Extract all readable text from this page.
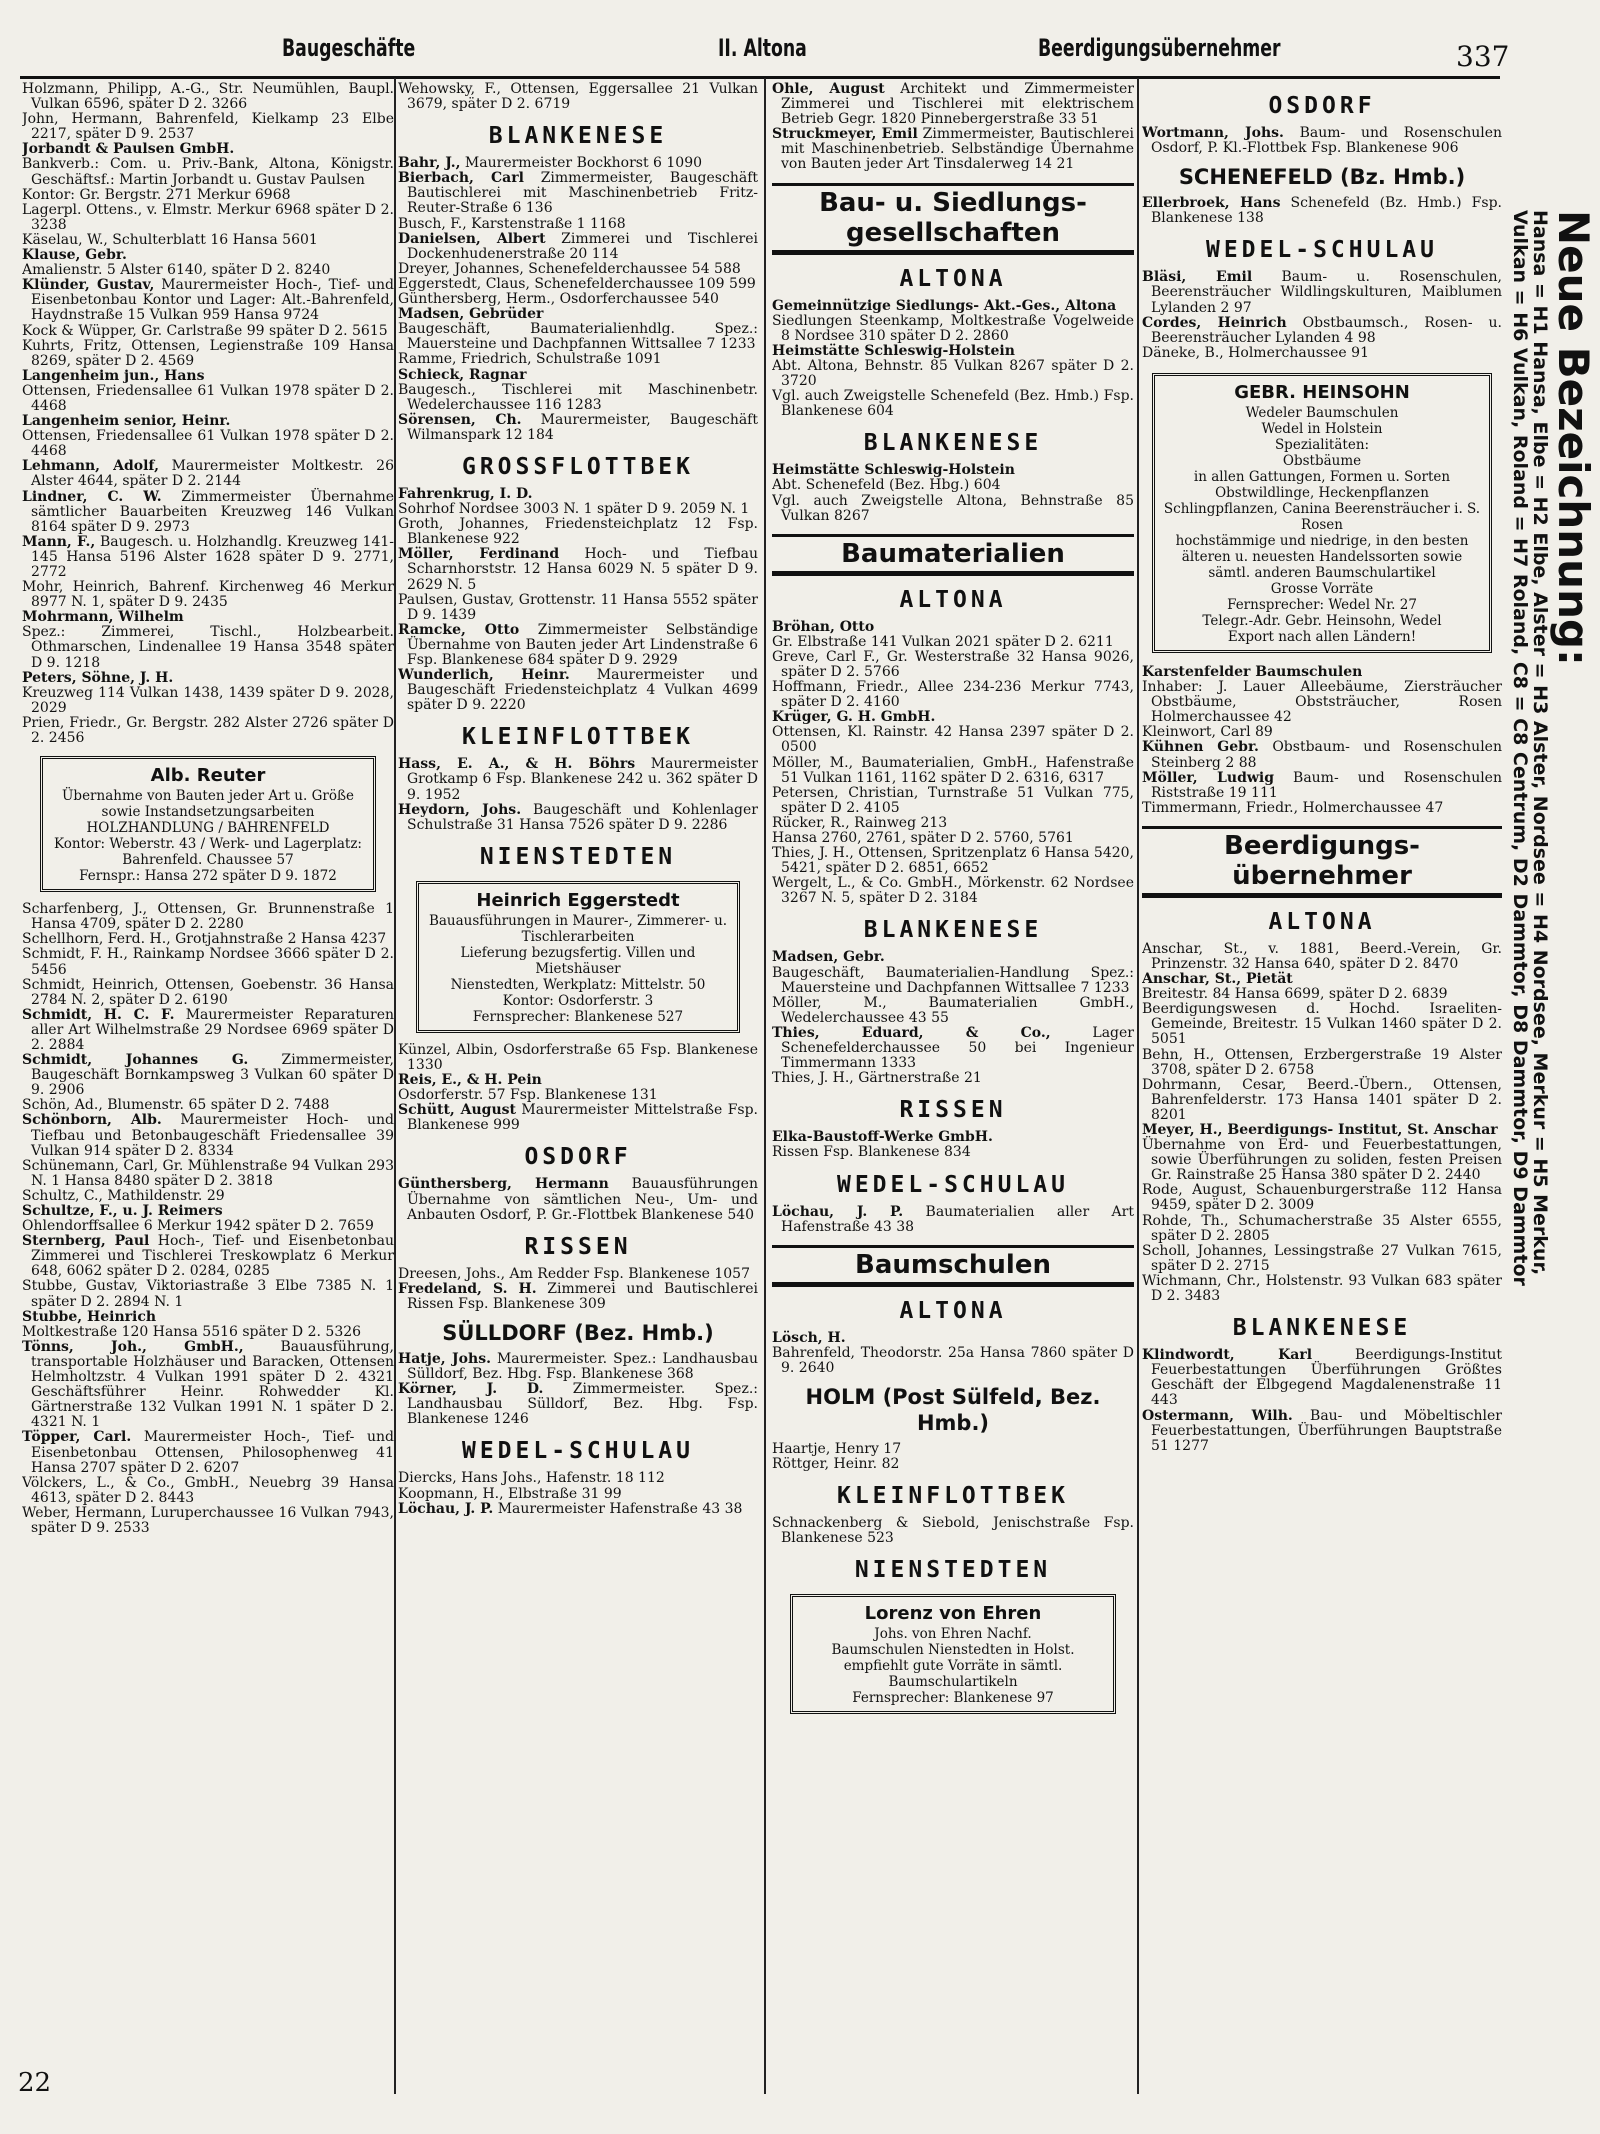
Baugeschäfte	II. Altona	Beerdigungsübernehmer	337

Holzmann, Philipp, A.-G., Str. Neumühlen, Baupl. Vulkan 6596, später D 2. 3266

John, Hermann, Bahrenfeld, Kielkamp 23 Elbe 2217, später D 9. 2537

Jorbandt & Paulsen GmbH.

Bankverb.: Com. u. Priv.-Bank, Altona, Königstr. Geschäftsf.: Martin Jorbandt u. Gustav Paulsen

Kontor: Gr. Bergstr. 271 Merkur 6968

Lagerpl. Ottens., v. Elmstr. Merkur 6968 später D 2. 3238

Käselau, W., Schulterblatt 16 Hansa 5601

Klause, Gebr.

Amalienstr. 5 Alster 6140, später D 2. 8240

Klünder, Gustav, Maurermeister Hoch-, Tief- und Eisenbetonbau Kontor und Lager: Alt.-Bahrenfeld, Haydnstraße 15 Vulkan 959 Hansa 9724

Kock & Wüpper, Gr. Carlstraße 99 später D 2. 5615

Kuhrts, Fritz, Ottensen, Legienstraße 109 Hansa 8269, später D 2. 4569

Langenheim jun., Hans

Ottensen, Friedensallee 61 Vulkan 1978 später D 2. 4468

Langenheim senior, Heinr.

Ottensen, Friedensallee 61 Vulkan 1978 später D 2. 4468

Lehmann, Adolf, Maurermeister Moltkestr. 26 Alster 4644, später D 2. 2144

Lindner, C. W. Zimmermeister Übernahme sämtlicher Bauarbeiten Kreuzweg 146 Vulkan 8164 später D 9. 2973

Mann, F., Baugesch. u. Holzhandlg. Kreuzweg 141-145 Hansa 5196 Alster 1628 später D 9. 2771, 2772

Mohr, Heinrich, Bahrenf. Kirchenweg 46 Merkur 8977 N. 1, später D 9. 2435

Mohrmann, Wilhelm

Spez.: Zimmerei, Tischl., Holzbearbeit. Othmarschen, Lindenallee 19 Hansa 3548 später D 9. 1218

Peters, Söhne, J. H.

Kreuzweg 114 Vulkan 1438, 1439 später D 9. 2028, 2029

Prien, Friedr., Gr. Bergstr. 282 Alster 2726 später D 2. 2456

Alb. Reuter
Übernahme von Bauten jeder Art u. Größe sowie Instandsetzungsarbeiten
HOLZHANDLUNG / BAHRENFELD
Kontor: Weberstr. 43 / Werk- und Lagerplatz: Bahrenfeld. Chaussee 57
Fernspr.: Hansa 272 später D 9. 1872

Scharfenberg, J., Ottensen, Gr. Brunnenstraße 1 Hansa 4709, später D 2. 2280

Schellhorn, Ferd. H., Grotjahnstraße 2 Hansa 4237

Schmidt, F. H., Rainkamp Nordsee 3666 später D 2. 5456

Schmidt, Heinrich, Ottensen, Goebenstr. 36 Hansa 2784 N. 2, später D 2. 6190

Schmidt, H. C. F. Maurermeister Reparaturen aller Art Wilhelmstraße 29 Nordsee 6969 später D 2. 2884

Schmidt, Johannes G. Zimmermeister, Baugeschäft Bornkampsweg 3 Vulkan 60 später D 9. 2906

Schön, Ad., Blumenstr. 65 später D 2. 7488

Schönborn, Alb. Maurermeister Hoch- und Tiefbau und Betonbaugeschäft Friedensallee 39 Vulkan 914 später D 2. 8334

Schünemann, Carl, Gr. Mühlenstraße 94 Vulkan 293 N. 1 Hansa 8480 später D 2. 3818

Schultz, C., Mathildenstr. 29

Schultze, F., u. J. Reimers

Ohlendorffsallee 6 Merkur 1942 später D 2. 7659

Sternberg, Paul Hoch-, Tief- und Eisenbetonbau Zimmerei und Tischlerei Treskowplatz 6 Merkur 648, 6062 später D 2. 0284, 0285

Stubbe, Gustav, Viktoriastraße 3 Elbe 7385 N. 1 später D 2. 2894 N. 1

Stubbe, Heinrich

Moltkestraße 120 Hansa 5516 später D 2. 5326

Tönns, Joh., GmbH., Bauausführung, transportable Holzhäuser und Baracken, Ottensen Helmholtzstr. 4 Vulkan 1991 später D 2. 4321 Geschäftsführer Heinr. Rohwedder Kl. Gärtnerstraße 132 Vulkan 1991 N. 1 später D 2. 4321 N. 1

Töpper, Carl. Maurermeister Hoch-, Tief- und Eisenbetonbau Ottensen, Philosophenweg 41 Hansa 2707 später D 2. 6207

Völckers, L., & Co., GmbH., Neuebrg 39 Hansa 4613, später D 2. 8443

Weber, Hermann, Luruperchaussee 16 Vulkan 7943, später D 9. 2533

Wehowsky, F., Ottensen, Eggersallee 21 Vulkan 3679, später D 2. 6719

BLANKENESE

Bahr, J., Maurermeister Bockhorst 6 1090

Bierbach, Carl Zimmermeister, Baugeschäft Bautischlerei mit Maschinenbetrieb Fritz-Reuter-Straße 6 136

Busch, F., Karstenstraße 1 1168

Danielsen, Albert Zimmerei und Tischlerei Dockenhudenerstraße 20 114

Dreyer, Johannes, Schenefelderchaussee 54 588

Eggerstedt, Claus, Schenefelderchaussee 109 599

Günthersberg, Herm., Osdorferchaussee 540

Madsen, Gebrüder

Baugeschäft, Baumaterialienhdlg. Spez.: Mauersteine und Dachpfannen Wittsallee 7 1233

Ramme, Friedrich, Schulstraße 1091

Schieck, Ragnar

Baugesch., Tischlerei mit Maschinenbetr. Wedelerchaussee 116 1283

Sörensen, Ch. Maurermeister, Baugeschäft Wilmanspark 12 184

GROSSFLOTTBEK

Fahrenkrug, I. D.

Sohrhof Nordsee 3003 N. 1 später D 9. 2059 N. 1

Groth, Johannes, Friedensteichplatz 12 Fsp. Blankenese 922

Möller, Ferdinand Hoch- und Tiefbau Scharnhorststr. 12 Hansa 6029 N. 5 später D 9. 2629 N. 5

Paulsen, Gustav, Grottenstr. 11 Hansa 5552 später D 9. 1439

Ramcke, Otto Zimmermeister Selbständige Übernahme von Bauten jeder Art Lindenstraße 6 Fsp. Blankenese 684 später D 9. 2929

Wunderlich, Heinr. Maurermeister und Baugeschäft Friedensteichplatz 4 Vulkan 4699 später D 9. 2220

KLEINFLOTTBEK

Hass, E. A., & H. Böhrs Maurermeister Grotkamp 6 Fsp. Blankenese 242 u. 362 später D 9. 1952

Heydorn, Johs. Baugeschäft und Kohlenlager Schulstraße 31 Hansa 7526 später D 9. 2286

NIENSTEDTEN
Heinrich Eggerstedt
Bauausführungen in Maurer-, Zimmerer- u. Tischlerarbeiten
Lieferung bezugsfertig. Villen und Mietshäuser
Nienstedten, Werkplatz: Mittelstr. 50
Kontor: Osdorferstr. 3
Fernsprecher: Blankenese 527

Künzel, Albin, Osdorferstraße 65 Fsp. Blankenese 1330

Reis, E., & H. Pein

Osdorferstr. 57 Fsp. Blankenese 131

Schütt, August Maurermeister Mittelstraße Fsp. Blankenese 999

OSDORF

Günthersberg, Hermann Bauausführungen Übernahme von sämtlichen Neu-, Um- und Anbauten Osdorf, P. Gr.-Flottbek Blankenese 540

RISSEN

Dreesen, Johs., Am Redder Fsp. Blankenese 1057

Fredeland, S. H. Zimmerei und Bautischlerei Rissen Fsp. Blankenese 309

SÜLLDORF (Bez. Hmb.)

Hatje, Johs. Maurermeister. Spez.: Landhausbau Sülldorf, Bez. Hbg. Fsp. Blankenese 368

Körner, J. D. Zimmermeister. Spez.: Landhausbau Sülldorf, Bez. Hbg. Fsp. Blankenese 1246

WEDEL-SCHULAU

Diercks, Hans Johs., Hafenstr. 18 112

Koopmann, H., Elbstraße 31 99

Löchau, J. P. Maurermeister Hafenstraße 43 38

Ohle, August Architekt und Zimmermeister Zimmerei und Tischlerei mit elektrischem Betrieb Gegr. 1820 Pinnebergerstraße 33 51

Struckmeyer, Emil Zimmermeister, Bautischlerei mit Maschinenbetrieb. Selbständige Übernahme von Bauten jeder Art Tinsdalerweg 14 21

Bau- u. Siedlungs- gesellschaften
ALTONA

Gemeinnützige Siedlungs- Akt.-Ges., Altona

Siedlungen Steenkamp, Moltkestraße Vogelweide 8 Nordsee 310 später D 2. 2860

Heimstätte Schleswig-Holstein

Abt. Altona, Behnstr. 85 Vulkan 8267 später D 2. 3720

Vgl. auch Zweigstelle Schenefeld (Bez. Hmb.) Fsp. Blankenese 604

BLANKENESE

Heimstätte Schleswig-Holstein

Abt. Schenefeld (Bez. Hbg.) 604

Vgl. auch Zweigstelle Altona, Behnstraße 85 Vulkan 8267

Baumaterialien
ALTONA

Bröhan, Otto

Gr. Elbstraße 141 Vulkan 2021 später D 2. 6211

Greve, Carl F., Gr. Westerstraße 32 Hansa 9026, später D 2. 5766

Hoffmann, Friedr., Allee 234-236 Merkur 7743, später D 2. 4160

Krüger, G. H. GmbH.

Ottensen, Kl. Rainstr. 42 Hansa 2397 später D 2. 0500

Möller, M., Baumaterialien, GmbH., Hafenstraße 51 Vulkan 1161, 1162 später D 2. 6316, 6317

Petersen, Christian, Turnstraße 51 Vulkan 775, später D 2. 4105

Rücker, R., Rainweg 213

Hansa 2760, 2761, später D 2. 5760, 5761

Thies, J. H., Ottensen, Spritzenplatz 6 Hansa 5420, 5421, später D 2. 6851, 6652

Wergelt, L., & Co. GmbH., Mörkenstr. 62 Nordsee 3267 N. 5, später D 2. 3184

BLANKENESE

Madsen, Gebr.

Baugeschäft, Baumaterialien-Handlung Spez.: Mauersteine und Dachpfannen Wittsallee 7 1233

Möller, M., Baumaterialien GmbH., Wedelerchaussee 43 55

Thies, Eduard, & Co., Lager Schenefelderchaussee 50 bei Ingenieur Timmermann 1333

Thies, J. H., Gärtnerstraße 21

RISSEN

Elka-Baustoff-Werke GmbH.

Rissen Fsp. Blankenese 834

WEDEL-SCHULAU

Löchau, J. P. Baumaterialien aller Art Hafenstraße 43 38

Baumschulen
ALTONA

Lösch, H.

Bahrenfeld, Theodorstr. 25a Hansa 7860 später D 9. 2640

HOLM (Post Sülfeld, Bez. Hmb.)

Haartje, Henry 17

Röttger, Heinr. 82

KLEINFLOTTBEK

Schnackenberg & Siebold, Jenischstraße Fsp. Blankenese 523

NIENSTEDTEN
Lorenz von Ehren
Johs. von Ehren Nachf.
Baumschulen Nienstedten in Holst. empfiehlt gute Vorräte in sämtl. Baumschulartikeln
Fernsprecher: Blankenese 97
OSDORF

Wortmann, Johs. Baum- und Rosenschulen Osdorf, P. Kl.-Flottbek Fsp. Blankenese 906

SCHENEFELD (Bz. Hmb.)

Ellerbroek, Hans Schenefeld (Bz. Hmb.) Fsp. Blankenese 138

WEDEL-SCHULAU

Bläsi, Emil Baum- u. Rosenschulen, Beerensträucher Wildlingskulturen, Maiblumen Lylanden 2 97

Cordes, Heinrich Obstbaumsch., Rosen- u. Beerensträucher Lylanden 4 98

Däneke, B., Holmerchaussee 91

GEBR. HEINSOHN
Wedeler Baumschulen
Wedel in Holstein
Spezialitäten:
Obstbäume
in allen Gattungen, Formen u. Sorten Obstwildlinge, Heckenpflanzen Schlingpflanzen, Canina Beerensträucher i. S.
Rosen
hochstämmige und niedrige, in den besten älteren u. neuesten Handelssorten sowie sämtl. anderen Baumschulartikel
Grosse Vorräte
Fernsprecher: Wedel Nr. 27
Telegr.-Adr. Gebr. Heinsohn, Wedel
Export nach allen Ländern!

Karstenfelder Baumschulen

Inhaber: J. Lauer Alleebäume, Ziersträucher Obstbäume, Obststräucher, Rosen Holmerchaussee 42

Kleinwort, Carl 89

Kühnen Gebr. Obstbaum- und Rosenschulen Steinberg 2 88

Möller, Ludwig Baum- und Rosenschulen Riststraße 19 111

Timmermann, Friedr., Holmerchaussee 47

Beerdigungs- übernehmer
ALTONA

Anschar, St., v. 1881, Beerd.-Verein, Gr. Prinzenstr. 32 Hansa 640, später D 2. 8470

Anschar, St., Pietät

Breitestr. 84 Hansa 6699, später D 2. 6839

Beerdigungswesen d. Hochd. Israeliten-Gemeinde, Breitestr. 15 Vulkan 1460 später D 2. 5051

Behn, H., Ottensen, Erzbergerstraße 19 Alster 3708, später D 2. 6758

Dohrmann, Cesar, Beerd.-Übern., Ottensen, Bahrenfelderstr. 173 Hansa 1401 später D 2. 8201

Meyer, H., Beerdigungs- Institut, St. Anschar

Übernahme von Erd- und Feuerbestattungen, sowie Überführungen zu soliden, festen Preisen Gr. Rainstraße 25 Hansa 380 später D 2. 2440

Rode, August, Schauenburgerstraße 112 Hansa 9459, später D 2. 3009

Rohde, Th., Schumacherstraße 35 Alster 6555, später D 2. 2805

Scholl, Johannes, Lessingstraße 27 Vulkan 7615, später D 2. 2715

Wichmann, Chr., Holstenstr. 93 Vulkan 683 später D 2. 3483

BLANKENESE

Klindwordt, Karl Beerdigungs-Institut Feuerbestattungen Überführungen Größtes Geschäft der Elbgegend Magdalenenstraße 11 443

Ostermann, Wilh. Bau- und Möbeltischler Feuerbestattungen, Überführungen Bauptstraße 51 1277

Neue Bezeichnung:
Hansa = H1 Hansa, Elbe = H2 Elbe, Alster = H3 Alster, Nordsee = H4 Nordsee, Merkur = H5 Merkur,
Vulkan = H6 Vulkan, Roland = H7 Roland, C8 = C8 Centrum, D2 Dammtor, D8 Dammtor, D9 Dammtor
22
